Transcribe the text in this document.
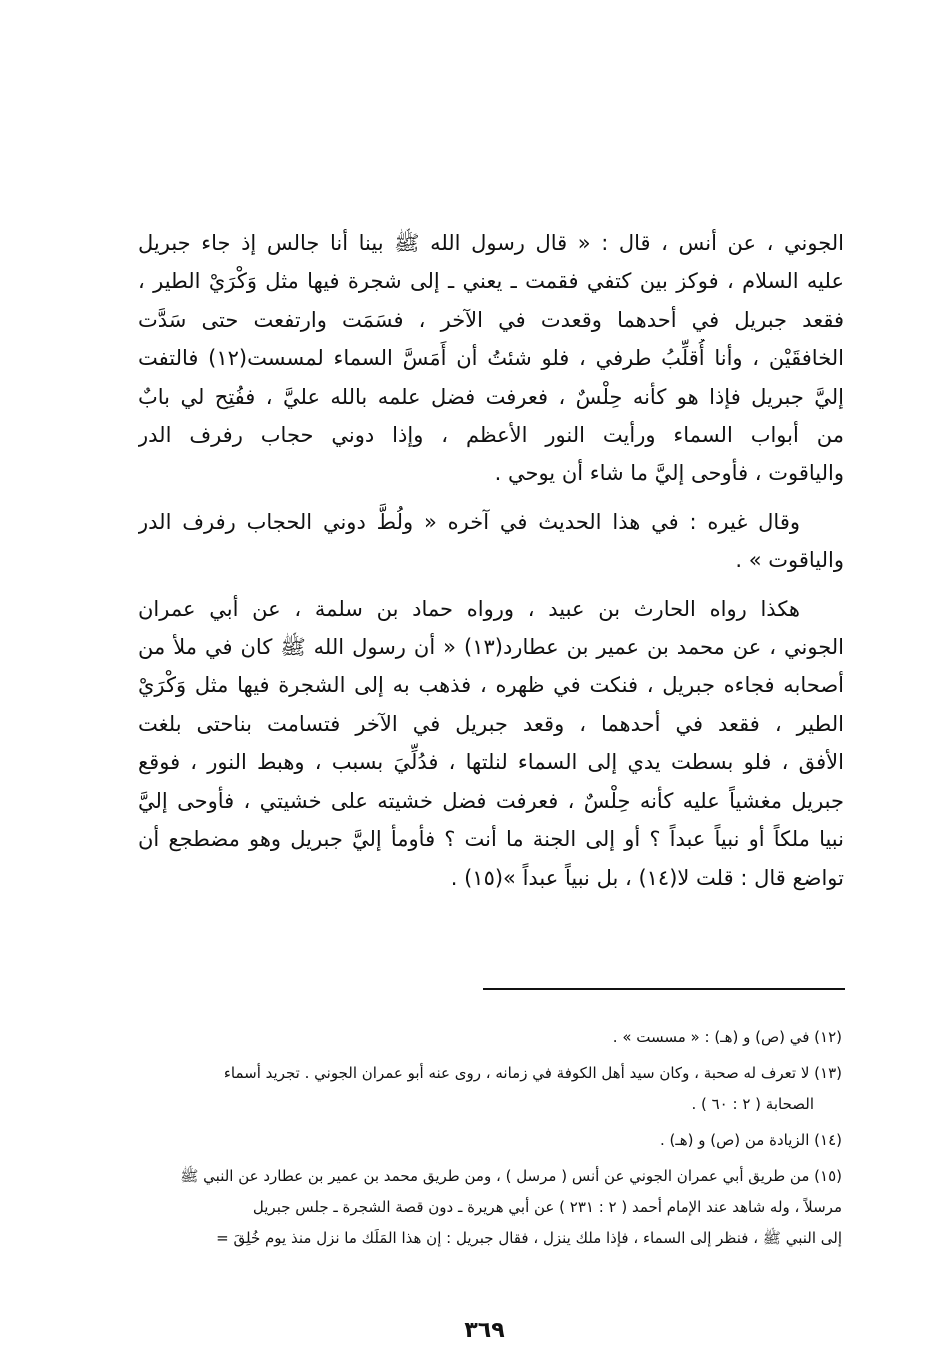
الجوني ، عن أنس ، قال : « قال رسول الله ﷺ بينا أنا جالس إذ جاء جبريل
عليه السلام ، فوكز بين كتفي فقمت ـ يعني ـ إلى شجرة فيها مثل وَكْرَيْ الطير ،
فقعد جبريل في أحدهما وقعدت في الآخر ، فسَمَت وارتفعت حتى سَدَّت
الخافقَيْن ، وأنا أُقلِّبُ طرفي ، فلو شئتُ أن أَمَسَّ السماء لمسست(١٢) فالتفت
إليَّ جبريل فإذا هو كأنه حِلْسٌ ، فعرفت فضل علمه بالله عليَّ ، ففُتِح لي بابٌ
من أبواب السماء ورأيت النور الأعظم ، وإذا دوني حجاب رفرف الدر
والياقوت ، فأوحى إليَّ ما شاء أن يوحي .

وقال غيره : في هذا الحديث في آخره « ولُطَّ دوني الحجاب رفرف الدر
والياقوت » .

هكذا رواه الحارث بن عبيد ، ورواه حماد بن سلمة ، عن أبي عمران
الجوني ، عن محمد بن عمير بن عطارد(١٣) « أن رسول الله ﷺ كان في ملأ من
أصحابه فجاءه جبريل ، فنكت في ظهره ، فذهب به إلى الشجرة فيها مثل وَكْرَيْ
الطير ، فقعد في أحدهما ، وقعد جبريل في الآخر فتسامت بناحتى بلغت
الأفق ، فلو بسطت يدي إلى السماء لنلتها ، فدُلِّيَ بسبب ، وهبط النور ، فوقع
جبريل مغشياً عليه كأنه حِلْسٌ ، فعرفت فضل خشيته على خشيتي ، فأوحى إليَّ
نبيا ملكاً أو نبياً عبداً ؟ أو إلى الجنة ما أنت ؟ فأومأ إليَّ جبريل وهو مضطجع أن
تواضع قال : قلت لا(١٤) ، بل نبياً عبداً »(١٥) .

(١٢) في (ص) و (هـ) : « مسست » .

(١٣) لا تعرف له صحبة ، وكان سيد أهل الكوفة في زمانه ، روى عنه أبو عمران الجوني . تجريد أسماء
الصحابة ( ٢ : ٦٠ ) .

(١٤) الزيادة من (ص) و (هـ) .

(١٥) من طريق أبي عمران الجوني عن أنس ( مرسل ) ، ومن طريق محمد بن عمير بن عطارد عن النبي ﷺ
مرسلاً ، وله شاهد عند الإمام أحمد ( ٢ : ٢٣١ ) عن أبي هريرة ـ دون قصة الشجرة ـ جلس جبريل
إلى النبي ﷺ ، فنظر إلى السماء ، فإذا ملك ينزل ، فقال جبريل : إن هذا المَلَك ما نزل منذ يوم خُلِقَ =

٣٦٩
